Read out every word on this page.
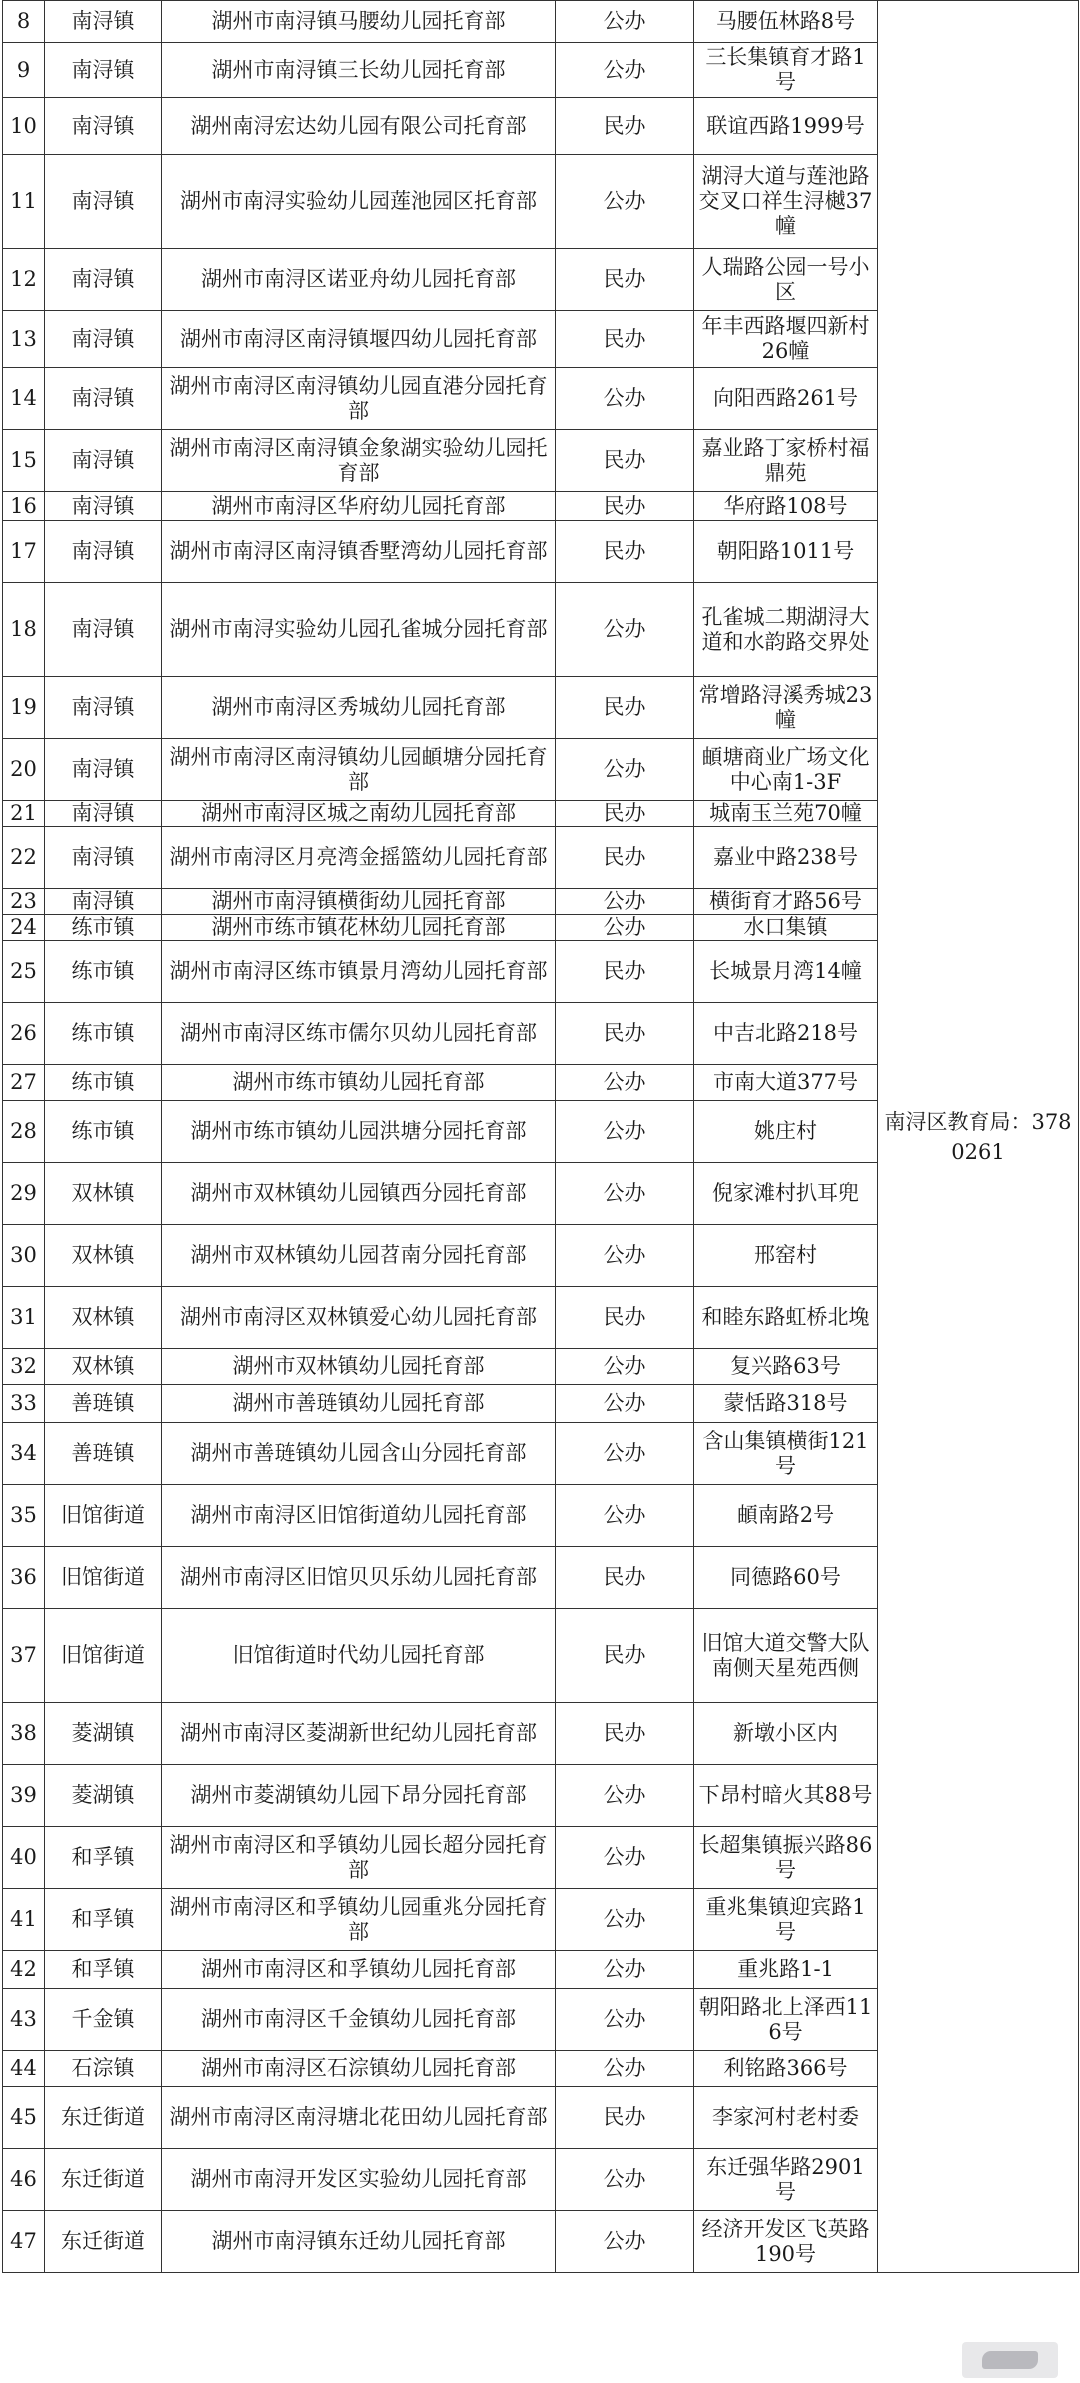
8	南浔镇	湖州市南浔镇马腰幼儿园托育部	公办	马腰伍林路8号	南浔区教育局：3780261
9	南浔镇	湖州市南浔镇三长幼儿园托育部	公办	三长集镇育才路1号	
10	南浔镇	湖州南浔宏达幼儿园有限公司托育部	民办	联谊西路1999号	
11	南浔镇	湖州市南浔实验幼儿园莲池园区托育部	公办	湖浔大道与莲池路交叉口祥生浔樾37幢	
12	南浔镇	湖州市南浔区诺亚舟幼儿园托育部	民办	人瑞路公园一号小区	
13	南浔镇	湖州市南浔区南浔镇堰四幼儿园托育部	民办	年丰西路堰四新村26幢	
14	南浔镇	湖州市南浔区南浔镇幼儿园直港分园托育部	公办	向阳西路261号	
15	南浔镇	湖州市南浔区南浔镇金象湖实验幼儿园托育部	民办	嘉业路丁家桥村福鼎苑	
16	南浔镇	湖州市南浔区华府幼儿园托育部	民办	华府路108号	
17	南浔镇	湖州市南浔区南浔镇香墅湾幼儿园托育部	民办	朝阳路1011号	
18	南浔镇	湖州市南浔实验幼儿园孔雀城分园托育部	公办	孔雀城二期湖浔大道和水韵路交界处	
19	南浔镇	湖州市南浔区秀城幼儿园托育部	民办	常增路浔溪秀城23幢	
20	南浔镇	湖州市南浔区南浔镇幼儿园頔塘分园托育部	公办	頔塘商业广场文化中心南1-3F	
21	南浔镇	湖州市南浔区城之南幼儿园托育部	民办	城南玉兰苑70幢	
22	南浔镇	湖州市南浔区月亮湾金摇篮幼儿园托育部	民办	嘉业中路238号	
23	南浔镇	湖州市南浔镇横街幼儿园托育部	公办	横街育才路56号	
24	练市镇	湖州市练市镇花林幼儿园托育部	公办	水口集镇	
25	练市镇	湖州市南浔区练市镇景月湾幼儿园托育部	民办	长城景月湾14幢	
26	练市镇	湖州市南浔区练市儒尔贝幼儿园托育部	民办	中吉北路218号	
27	练市镇	湖州市练市镇幼儿园托育部	公办	市南大道377号	
28	练市镇	湖州市练市镇幼儿园洪塘分园托育部	公办	姚庄村	
29	双林镇	湖州市双林镇幼儿园镇西分园托育部	公办	倪家滩村扒耳兜	
30	双林镇	湖州市双林镇幼儿园苕南分园托育部	公办	邢窑村	
31	双林镇	湖州市南浔区双林镇爱心幼儿园托育部	民办	和睦东路虹桥北堍	
32	双林镇	湖州市双林镇幼儿园托育部	公办	复兴路63号	
33	善琏镇	湖州市善琏镇幼儿园托育部	公办	蒙恬路318号	
34	善琏镇	湖州市善琏镇幼儿园含山分园托育部	公办	含山集镇横街121号	
35	旧馆街道	湖州市南浔区旧馆街道幼儿园托育部	公办	頔南路2号	
36	旧馆街道	湖州市南浔区旧馆贝贝乐幼儿园托育部	民办	同德路60号	
37	旧馆街道	旧馆街道时代幼儿园托育部	民办	旧馆大道交警大队南侧天星苑西侧	
38	菱湖镇	湖州市南浔区菱湖新世纪幼儿园托育部	民办	新墩小区内	
39	菱湖镇	湖州市菱湖镇幼儿园下昂分园托育部	公办	下昂村暗火其88号	
40	和孚镇	湖州市南浔区和孚镇幼儿园长超分园托育部	公办	长超集镇振兴路86号	
41	和孚镇	湖州市南浔区和孚镇幼儿园重兆分园托育部	公办	重兆集镇迎宾路1号	
42	和孚镇	湖州市南浔区和孚镇幼儿园托育部	公办	重兆路1-1	
43	千金镇	湖州市南浔区千金镇幼儿园托育部	公办	朝阳路北上泽西116号	
44	石淙镇	湖州市南浔区石淙镇幼儿园托育部	公办	利铭路366号	
45	东迁街道	湖州市南浔区南浔塘北花田幼儿园托育部	民办	李家河村老村委	
46	东迁街道	湖州市南浔开发区实验幼儿园托育部	公办	东迁强华路2901号	
47	东迁街道	湖州市南浔镇东迁幼儿园托育部	公办	经济开发区飞英路190号	
